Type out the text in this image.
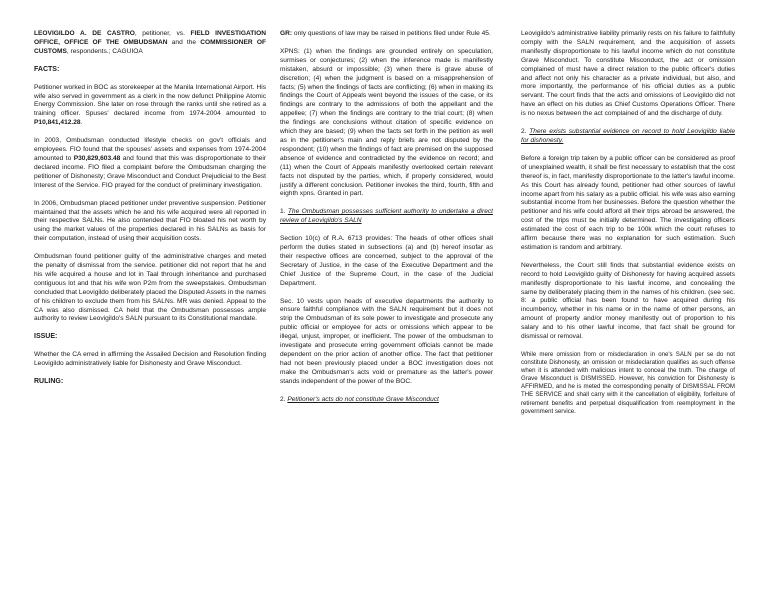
LEOVIGILDO A. DE CASTRO, petitioner, vs. FIELD INVESTIGATION OFFICE, OFFICE OF THE OMBUDSMAN and the COMMISSIONER OF CUSTOMS, respondents.; CAGUIOA

FACTS:

Petitioner worked in BOC as storekeeper at the Manila International Airport. His wife also served in government as a clerk in the now defunct Philippine Atomic Energy Commission. She later on rose through the ranks until she retired as a training officer. Spuses' declared income from 1974-2004 amounted to P10,841,412.28.

In 2003, Ombudsman conducted lifestyle checks on gov't officials and employees. FIO found that the spouses' assets and expenses from 1974-2004 amounted to P30,829,603.48 and found that this was disproportionate to their declared income. FIO filed a complaint before the Ombudsman charging the petitioner of Dishonesty; Grave Misconduct and Conduct Prejudicial to the Best Interest of the Service. FIO prayed for the conduct of preliminary investigation.

In 2006, Ombudsman placed petitioner under preventive suspension. Petitioner maintained that the assets which he and his wife acquired were all reported in their respective SALNs. He also contended that FIO bloated his net worth by using the market values of the properties declared in his SALNs as basis for their computation, instead of using their acquisition costs.

Ombudsman found petitioner guilty of the administrative charges and meted the penalty of dismissal from the service. petitioner did not report that he and his wife acquired a house and lot in Taal through inheritance and purchased contiguous lot and that his wife won P2m from the sweepstakes. Ombudsman concluded that Leovigildo deliberately placed the Disputed Assets in the names of his children to exclude them from his SALNs. MR was denied. Appeal to the CA was also dismissed. CA held that the Ombudsman possesses ample authority to review Leovigildo's SALN pursuant to its Constitutional mandate.

ISSUE:

Whether the CA erred in affirming the Assailed Decision and Resolution finding Leovigildo administratively liable for Dishonesty and Grave Misconduct.

RULING:

GR: only questions of law may be raised in petitions filed under Rule 45.

XPNS: (1) when the findings are grounded entirely on speculation, surmises or conjectures; (2) when the inference made is manifestly mistaken, absurd or impossible; (3) when there is grave abuse of discretion; (4) when the judgment is based on a misapprehension of facts; (5) when the findings of facts are conflicting; (6) when in making its findings the Court of Appeals went beyond the issues of the case, or its findings are contrary to the admissions of both the appellant and the appellee; (7) when the findings are contrary to the trial court; (8) when the findings are conclusions without citation of specific evidence on which they are based; (9) when the facts set forth in the petition as well as in the petitioner's main and reply briefs are not disputed by the respondent; (10) when the findings of fact are premised on the supposed absence of evidence and contradicted by the evidence on record; and (11) when the Court of Appeals manifestly overlooked certain relevant facts not disputed by the parties, which, if properly considered, would justify a different conclusion. Petitioner invokes the third, fourth, fifth and eighth xpns. Granted in part.

1. The Ombudsman possesses sufficient authority to undertake a direct review of Leovigildo's SALN

Section 10(c) of R.A. 6713 provides: The heads of other offices shall perform the duties stated in subsections (a) and (b) hereof insofar as their respective offices are concerned, subject to the approval of the Secretary of Justice, in the case of the Executive Department and the Chief Justice of the Supreme Court, in the case of the Judicial Department.

Sec. 10 vests upon heads of executive departments the authority to ensure faithful compliance with the SALN requirement but it does not strip the Ombudsman of its sole power to investigate and prosecute any public official or employee for acts or omissions which appear to be illegal, unjust, improper, or inefficient. The power of the ombudsman to investigate and prosecute erring government officials cannot be made dependent on the prior action of another office. The fact that petitioner had not been previously placed under a BOC investigation does not make the Ombudsman's acts void or premature as the latter's power stands independent of the power of the BOC.

2. Petitioner's acts do not constitute Grave Misconduct

Leovigildo's administrative liability primarily rests on his failure to faithfully comply with the SALN requirement, and the acquisition of assets manifestly disproportionate to his lawful income which do not constitute Grave Misconduct. To constitute Misconduct, the act or omission complained of must have a direct relation to the public officer's duties and affect not only his character as a private individual, but also, and more importantly, the performance of his official duties as a public servant. The court finds that the acts and omissions of Leovigildo did not have an effect on his duties as Chief Customs Operations Officer. There is no nexus between the act complained of and the discharge of duty.

2. There exists substantial evidence on record to hold Leovigildo liable for dishonesty.

Before a foreign trip taken by a public officer can be considered as proof of unexplained wealth, it shall be first necessary to establish that the cost thereof is, in fact, manifestly disproportionate to the latter's lawful income. As this Court has already found, petitioner had other sources of lawful income apart from his salary as a public official. his wife was also earning substantial income from her businesses. Before the question whether the petitioner and his wife could afford all their trips abroad be answered, the cost of the trips must be initially determined. The investigating officers estimated the cost of each trip to be 100k which the court refuses to affirm because there was no explanation for such estimation. Such estimation is random and arbitrary.

Nevertheless, the Court still finds that substantial evidence exists on record to hold Leovigildo guilty of Dishonesty for having acquired assets manifestly disproportionate to his lawful income, and concealing the same by deliberately placing them in the names of his children. (see sec. 8: a public official has been found to have acquired during his incumbency, whether in his name or in the name of other persons, an amount of property and/or money manifestly out of proportion to his salary and to his other lawful income, that fact shall be ground for dismissal or removal.

While mere omission from or misdeclaration in one's SALN per se do not constitute Dishonesty, an omission or misdeclaration qualifies as such offense when it is attended with malicious intent to conceal the truth. The charge of Grave Misconduct is DISMISSED. However, his conviction for Dishonesty is AFFIRMED, and he is meted the corresponding penalty of DISMISSAL FROM THE SERVICE and shall carry with it the cancellation of eligibility, forfeiture of retirement benefits and perpetual disqualification from reemployment in the government service.
